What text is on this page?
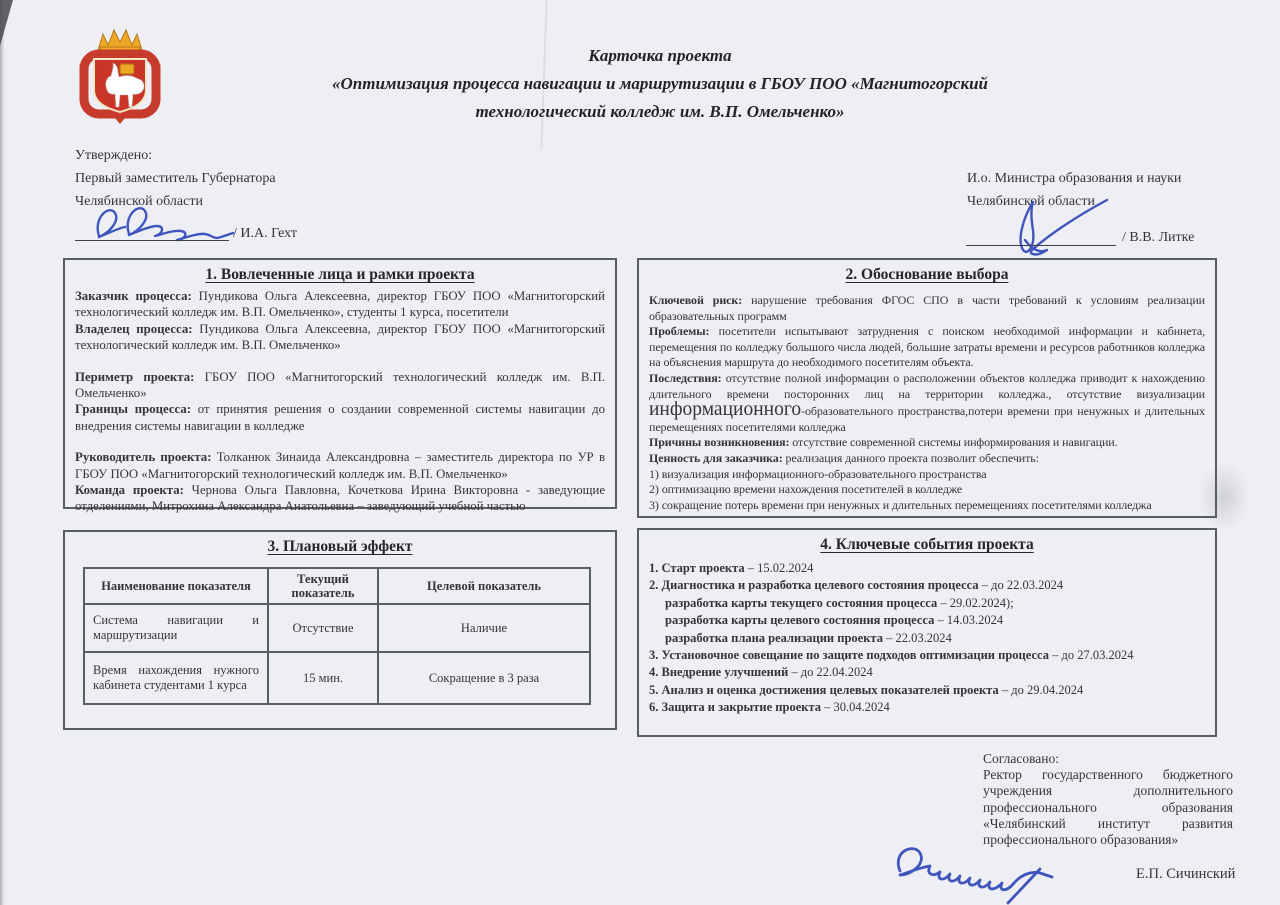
Карточка проекта
«Оптимизация процесса навигации и маршрутизации в ГБОУ ПОО «Магнитогорский
технологический колледж им. В.П. Омельченко»
Утверждено:
Первый заместитель Губернатора
Челябинской области
/ И.А. Гехт
И.о. Министра образования и науки
Челябинской области
/ В.В. Литке
1. Вовлеченные лица и рамки проекта
Заказчик процесса: Пундикова Ольга Алексеевна, директор ГБОУ ПОО «Магнитогорский технологический колледж им. В.П. Омельченко», студенты 1 курса, посетители
Владелец процесса: Пундикова Ольга Алексеевна, директор ГБОУ ПОО «Магнитогорский технологический колледж им. В.П. Омельченко»
Периметр проекта: ГБОУ ПОО «Магнитогорский технологический колледж им. В.П. Омельченко»
Границы процесса: от принятия решения о создании современной системы навигации до внедрения системы навигации в колледже
Руководитель проекта: Толканюк Зинаида Александровна – заместитель директора по УР в ГБОУ ПОО «Магнитогорский технологический колледж им. В.П. Омельченко»
Команда проекта: Чернова Ольга Павловна, Кочеткова Ирина Викторовна - заведующие отделениями, Митрохина Александра Анатольевна – заведующий учебной частью
2. Обоснование выбора
Ключевой риск: нарушение требования ФГОС СПО в части требований к условиям реализации образовательных программ
Проблемы: посетители испытывают затруднения с поиском необходимой информации и кабинета, перемещения по колледжу большого числа людей, большие затраты времени и ресурсов работников колледжа на объяснения маршрута до необходимого посетителям объекта.
Последствия: отсутствие полной информации о расположении объектов колледжа приводит к нахождению длительного времени посторонних лиц на территории колледжа., отсутствие визуализации информационного-образовательного пространства,потери времени при ненужных и длительных перемещениях посетителями колледжа
Причины возникновения: отсутствие современной системы информирования и навигации.
Ценность для заказчика: реализация данного проекта позволит обеспечить:
1) визуализация информационного-образовательного пространства
2) оптимизацию времени нахождения посетителей в колледже
3) сокращение потерь времени при ненужных и длительных перемещениях посетителями колледжа
3. Плановый эффект
Наименование показателя	Текущий показатель	Целевой показатель
Система навигации и маршрутизации	Отсутствие	Наличие
Время нахождения нужного кабинета студентами 1 курса	15 мин.	Сокращение в 3 раза
4. Ключевые события проекта
1. Старт проекта – 15.02.2024
2. Диагностика и разработка целевого состояния процесса – до 22.03.2024
разработка карты текущего состояния процесса – 29.02.2024);
разработка карты целевого состояния процесса – 14.03.2024
разработка плана реализации проекта – 22.03.2024
3. Установочное совещание по защите подходов оптимизации процесса – до 27.03.2024
4. Внедрение улучшений – до 22.04.2024
5. Анализ и оценка достижения целевых показателей проекта – до 29.04.2024
6. Защита и закрытие проекта – 30.04.2024
Согласовано:
Ректор государственного бюджетного учреждения дополнительного профессионального образования «Челябинский институт развития профессионального образования»
Е.П. Сичинский
